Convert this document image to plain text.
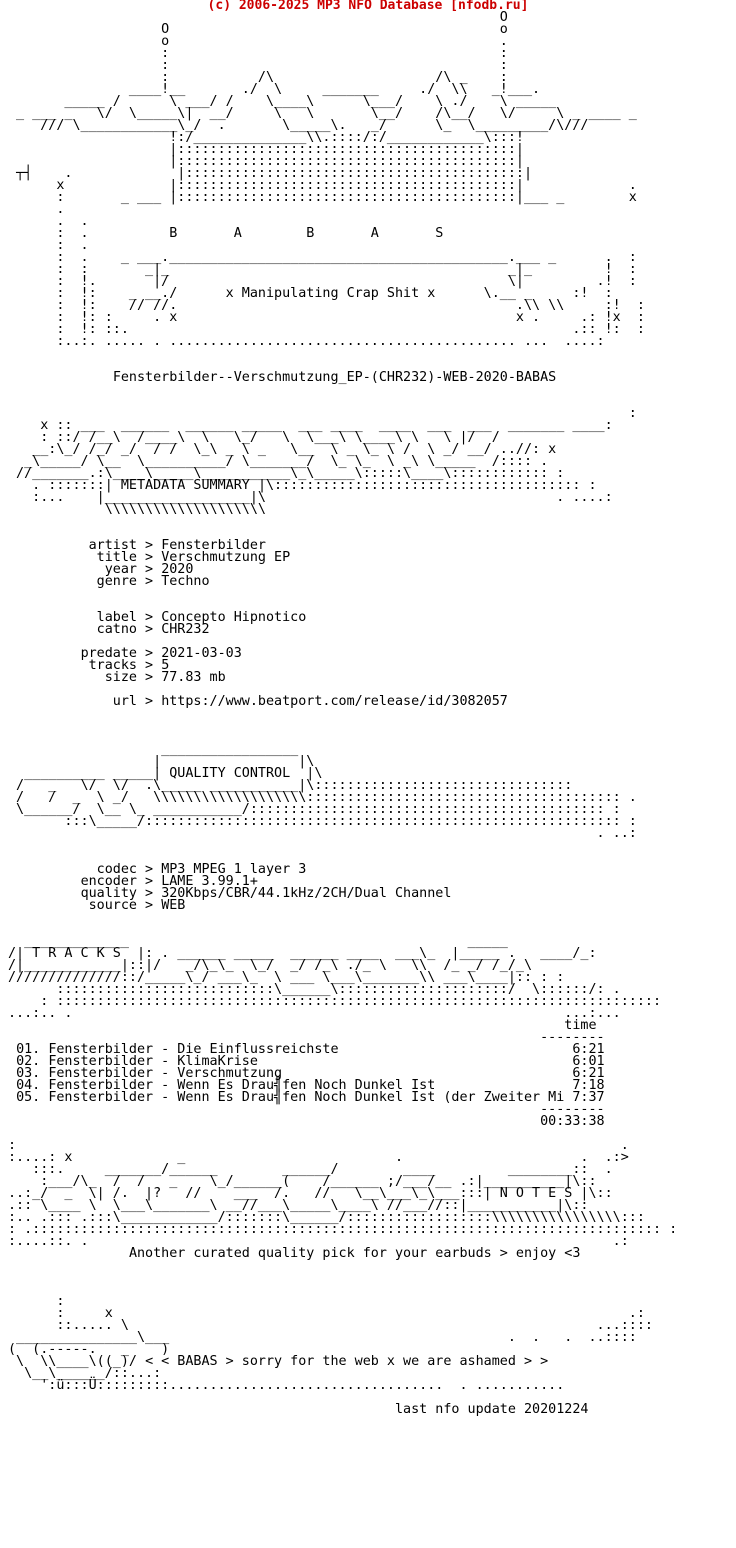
(c) 2006-2025 MP3 NFO Database [nfodb.ru]
O
O                                         o
o                                         .
:                                         :
:                                         :
:           /\                    /\ _    :
____!__       ./  \     _______     ./  \\   _!___.
_____ /      \ ___/ /    \____\      \___/    \ ./    \ _____
_ ___ _   \/  \_____\|  __/     \   \       \__/    /\__/   \/     \ _ ____ _
/// \____________\_/  .       \_____\.   _/      \_  \_________/\///
!:/______________\\.::::/:/____________\:::!
|::::::::::::::::::::::::::::::::::::::::::|
|::::::::::::::::::::::::::::::::::::::::::|
┬┤    .             |::::::::::::::::::::::::::::::::::::::::::|
x             |::::::::::::::::::::::::::::::::::::::::::|             .
:       _ ___ |::::::::::::::::::::::::::::::::::::::::::|___ _        x
.
.  .
:  .	B       A        B       A       S
:  .
:  .    _ ___.__________________________________________.___ _      .  :
:  :       _|_                                          _|_         !  :
:  !.       |/                                          \|         .!  :
:  !:    _ __./	x Manipulating Crap Shit x	\.__ _     :!  :
:  !:    // //.                                          .\\ \\     :!  :
:  !: :     . x                                          x .     .: !x  :
:  !: ::.                                                       .:: !:  :
:..:. ..... . ........................................... ...  ....:

Fensterbilder--Verschmutzung_EP-(CHR232)-WEB-2020-BABAS

:
x :: ___  ______  ______ _____  ___ ____  ____  ___  ___  _______ ____:
: ::/ /__\  /____\  \   \_/   \  \___\ \____\ \   \ |/  /
__:\_/ /_/ _/  / /  \_\ _ \ _   \__  \ _ \_ \ /  \ _/ __/ ..//: x
_\_____/ \__  \__________/ \_______/  \_ \_  \ _\ \_____  /:::: .
//_______.:\____\_____\___________\_\_____\:::::\____\:::::::::::: :
. :::::::| METADATA SUMMARY |\:::::::::::::::::::::::::::::::::::::: :
:...    |__________________|\                                    . ....:
\\\\\\\\\\\\\\\\\\\\

artist > Fensterbilder
title > Verschmutzung EP
year > 2020
genre > Techno

label > Concepto Hipnotico
catno > CHR232

predate > 2021-03-03
tracks > 5
size > 77.83 mb

url > https://www.beatport.com/release/id/3082057

_________________
|                 |\
__________ _____| QUALITY CONTROL  |\
/   _   \/  \/  .\_____ ___________|\::::::::::::::::::::::::::::::::
/   /  _  \ _/   \\\\\\\\\\\\\\\\\\\::::::::::::::::::::::::::::::::::::::: .
\______/  \__ \_ ___________/:::::::::::::::::::::::::::::::::::::::::::: :
:::\_____/::::::::::::::::::::::::::::::::::::::::::::::::::::::::::: :
. ..:

codec > MP3 MPEG 1 layer 3
encoder > LAME 3.99.1+
quality > 320Kbps/CBR/44.1kHz/2CH/Dual Channel
source > WEB

_____________                                          _____
/| T R A C K S  |: . ______ _____  ______ ____  ___\_  |_____ .   ____/_:
/|____________|::|/   _/\_\_  \_/  _/ /_\ ./_ \   \\  /_ _/ /_/_\
//////////////::/_____\_/ ___\_  \ ___ \___\_______\\ ___\____|:: : :
:::::::::::::::::::::::::::\______\:::::::::::::::::::::/  \::::::/: .
: :::::::::::::::::::::::::::::::::::::::::::::::::::::::::::::::::::::::::::
...:.. .                                                             ...:...
time
--------
01. Fensterbilder - Die Einflussreichste                             6:21
02. Fensterbilder - KlimaKrise                                       6:01
03. Fensterbilder - Verschmutzung                                    6:21
04. Fensterbilder - Wenn Es Drau╣fen Noch Dunkel Ist                 7:18
05. Fensterbilder - Wenn Es Drau╣fen Noch Dunkel Ist (der Zweiter Mi 7:37
--------
00:33:38

:                                                                           .
:....: x             _                          .                      .  .:>
:::.     _______/______        ______/        ____         ________::  .
:___/\_  /  /   _    \_/______(    /______ ;/___/__ .:|__________|\::
..:_/  _  \| /.  |?   //    ___  /.   //   \__\___\_\___:::| N O T E S |\::
.:: \____ \  \___\_______\ __//___\_____\____\ //___//::|___________|\::
:.. .::: .:::\____________/:::::::\______/::::::::::::::::::\\\\\\\\\\\\\\\\:::
: .:::::::::::::::::::::::::::::::::::::::::::::::::::::::::::::::::::::::::::::: :
:....::. .                                                                 .:
Another curated quality pick for your earbuds > enjoy <3

:
:     x                                                                .:
::..... \                                                          ...::::
_______________\___                                          .  .   .  ..::::
(  (.-----.   _    )
\  \\____\((_)/ < < BABAS > sorry for the web x we are ashamed > >
\__\______/::...:
':ü:::Ü:::::::::..................................  . ...........

last nfo update 20201224
